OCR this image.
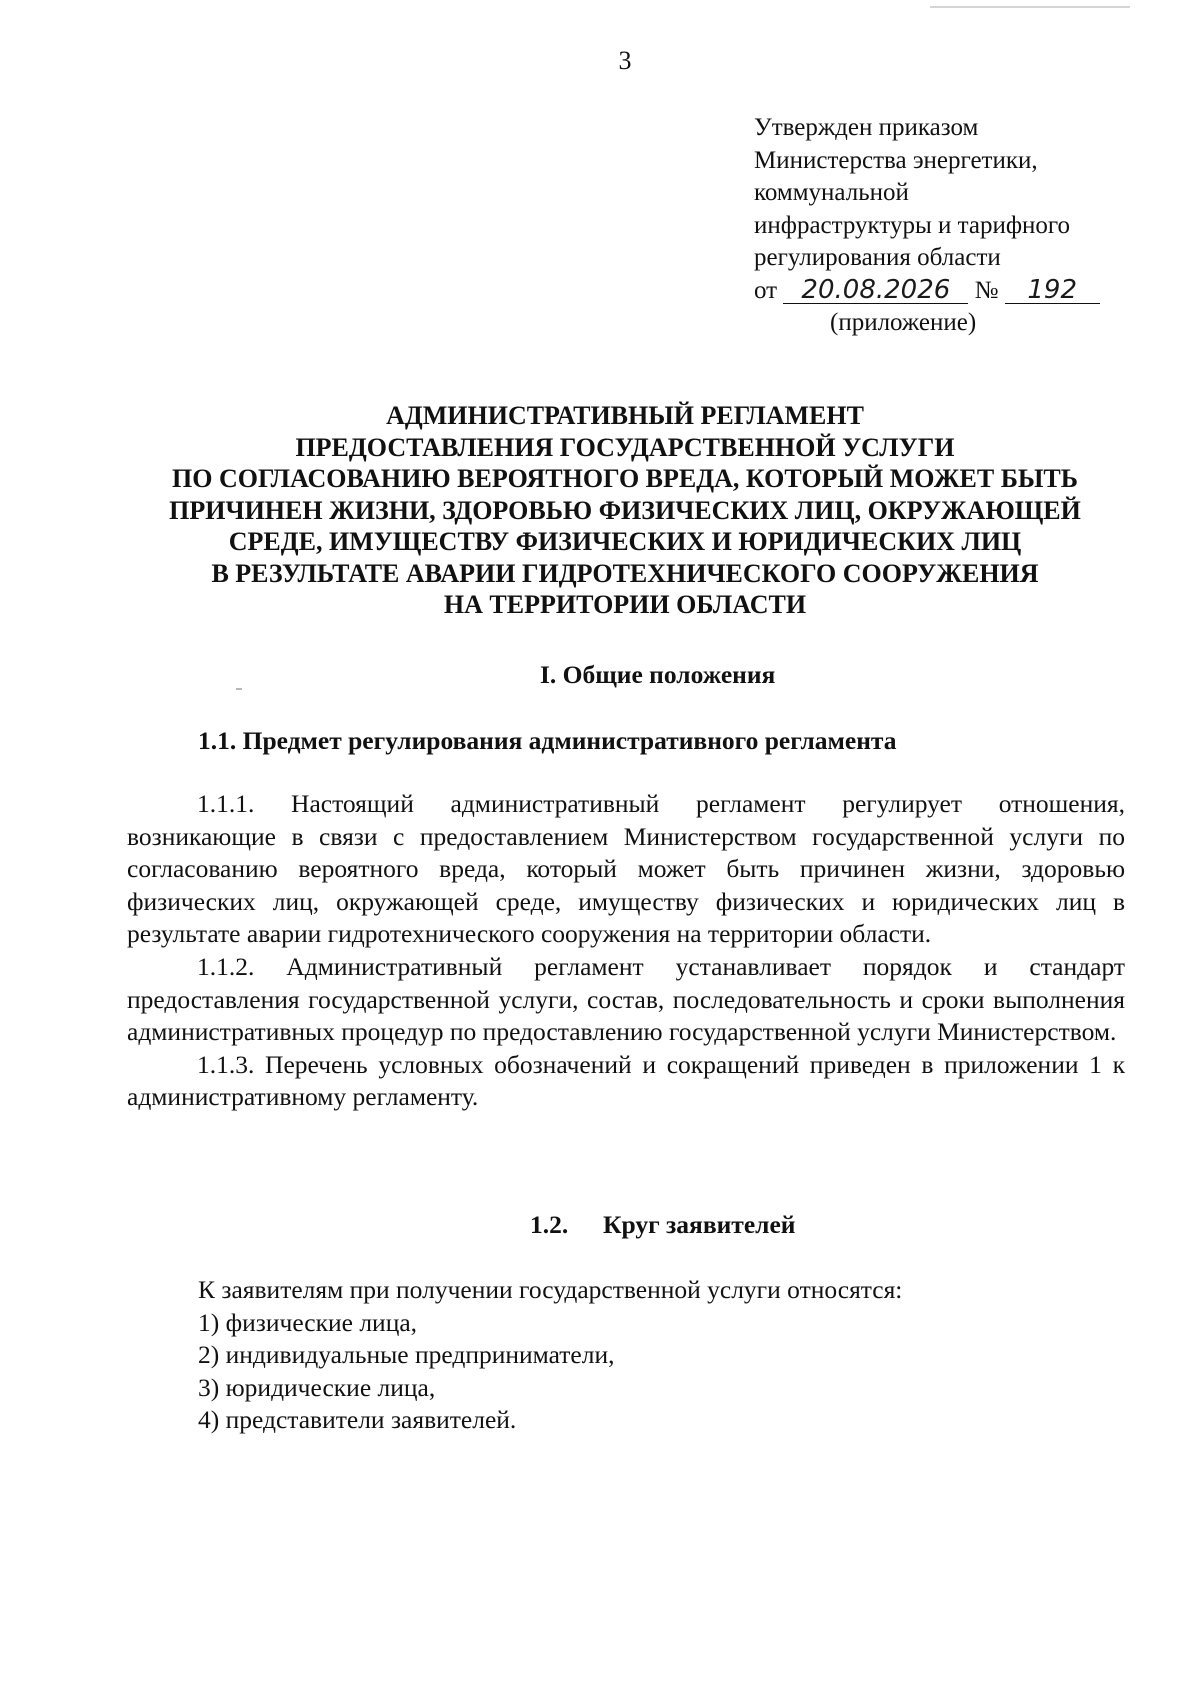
3
Утвержден приказом
Министерства энергетики,
коммунальной
инфраструктуры и тарифного
регулирования области
от 20.08.2026 № 192
(приложение)
АДМИНИСТРАТИВНЫЙ РЕГЛАМЕНТ
ПРЕДОСТАВЛЕНИЯ ГОСУДАРСТВЕННОЙ УСЛУГИ
ПО СОГЛАСОВАНИЮ ВЕРОЯТНОГО ВРЕДА, КОТОРЫЙ МОЖЕТ БЫТЬ
ПРИЧИНЕН ЖИЗНИ, ЗДОРОВЬЮ ФИЗИЧЕСКИХ ЛИЦ, ОКРУЖАЮЩЕЙ
СРЕДЕ, ИМУЩЕСТВУ ФИЗИЧЕСКИХ И ЮРИДИЧЕСКИХ ЛИЦ
В РЕЗУЛЬТАТЕ АВАРИИ ГИДРОТЕХНИЧЕСКОГО СООРУЖЕНИЯ
НА ТЕРРИТОРИИ ОБЛАСТИ
I. Общие положения
1.1. Предмет регулирования административного регламента

1.1.1. Настоящий административный регламент регулирует отношения, возникающие в связи с предоставлением Министерством государственной услуги по согласованию вероятного вреда, который может быть причинен жизни, здоровью физических лиц, окружающей среде, имуществу физических и юридических лиц в результате аварии гидротехнического сооружения на территории области.

1.1.2. Административный регламент устанавливает порядок и стандарт предоставления государственной услуги, состав, последовательность и сроки выполнения административных процедур по предоставлению государственной услуги Министерством.

1.1.3. Перечень условных обозначений и сокращений приведен в приложении 1 к административному регламенту.

1.2. Круг заявителей
К заявителям при получении государственной услуги относятся:
1) физические лица,
2) индивидуальные предприниматели,
3) юридические лица,
4) представители заявителей.
